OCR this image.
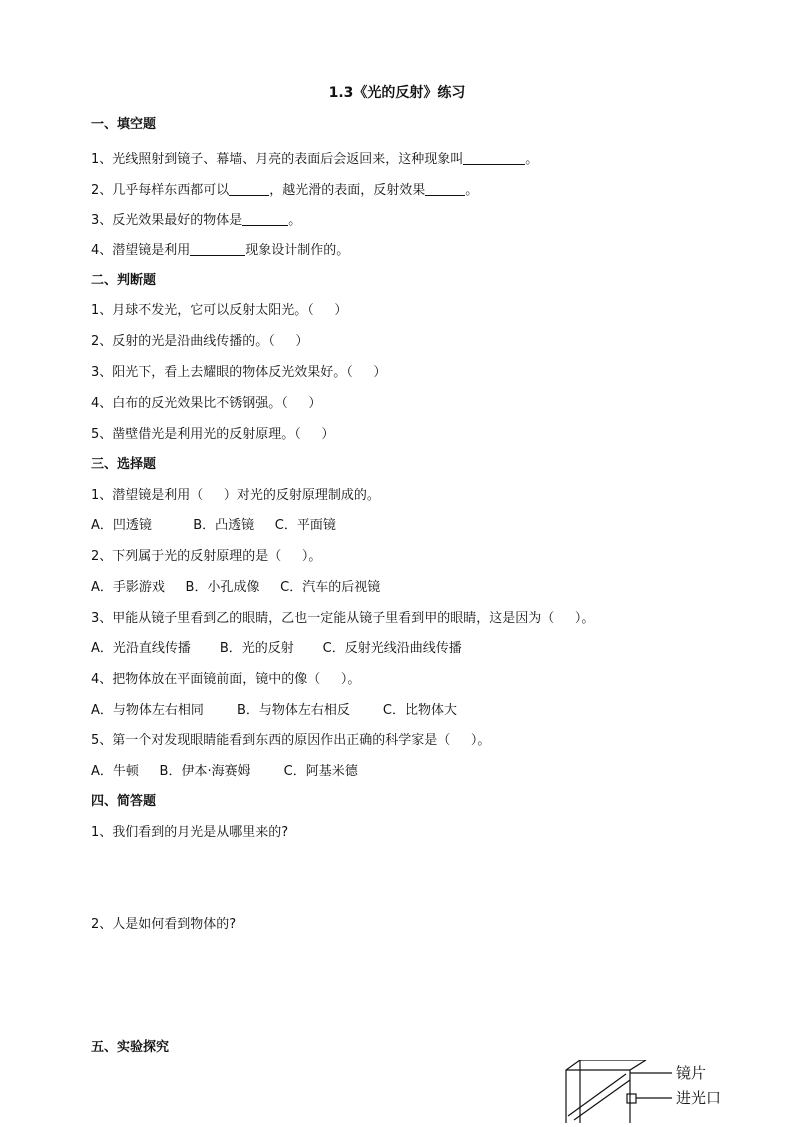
1.3《光的反射》练习
一、填空题
1、光线照射到镜子、幕墙、月亮的表面后会返回来，这种现象叫	。
2、几乎每样东西都可以	，越光滑的表面，反射效果	。
3、反光效果最好的物体是	。
4、潜望镜是利用	现象设计制作的。
二、判断题
1、月球不发光，它可以反射太阳光。（     ）
2、反射的光是沿曲线传播的。（     ）
3、阳光下，看上去耀眼的物体反光效果好。（     ）
4、白布的反光效果比不锈钢强。（     ）
5、凿壁借光是利用光的反射原理。（     ）
三、选择题
1、潜望镜是利用（     ）对光的反射原理制成的。
A．凹透镜          B．凸透镜     C．平面镜
2、下列属于光的反射原理的是（     ）。
A．手影游戏     B．小孔成像     C．汽车的后视镜
3、甲能从镜子里看到乙的眼睛，乙也一定能从镜子里看到甲的眼睛，这是因为（     ）。
A．光沿直线传播       B．光的反射       C．反射光线沿曲线传播
4、把物体放在平面镜前面，镜中的像（     ）。
A．与物体左右相同        B．与物体左右相反        C．比物体大
5、第一个对发现眼睛能看到东西的原因作出正确的科学家是（     ）。
A．牛顿     B．伊本·海赛姆        C．阿基米德
四、简答题
1、我们看到的月光是从哪里来的?
2、人是如何看到物体的?
五、实验探究
镜片
进光口
